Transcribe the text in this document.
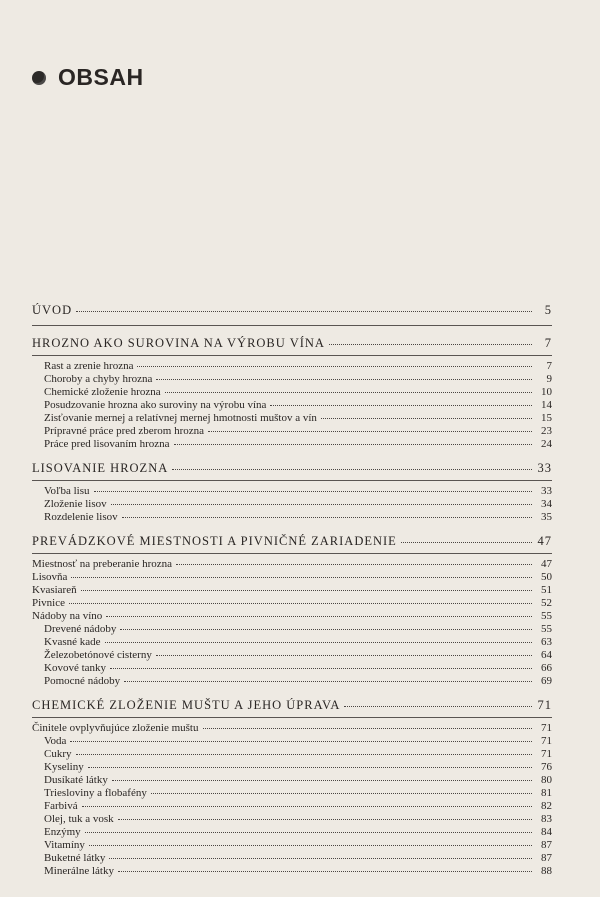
OBSAH
ÚVOD	5
HROZNO AKO SUROVINA NA VÝROBU VÍNA	7
Rast a zrenie hrozna	7
Choroby a chyby hrozna	9
Chemické zloženie hrozna	10
Posudzovanie hrozna ako suroviny na výrobu vína	14
Zisťovanie mernej a relatívnej mernej hmotnosti muštov a vín	15
Prípravné práce pred zberom hrozna	23
Práce pred lisovaním hrozna	24
LISOVANIE HROZNA	33
Voľba lisu	33
Zloženie lisov	34
Rozdelenie lisov	35
PREVÁDZKOVÉ MIESTNOSTI A PIVNIČNÉ ZARIADENIE	47
Miestnosť na preberanie hrozna	47
Lisovňa	50
Kvasiareň	51
Pivnice	52
Nádoby na víno	55
Drevené nádoby	55
Kvasné kade	63
Železobetónové cisterny	64
Kovové tanky	66
Pomocné nádoby	69
CHEMICKÉ ZLOŽENIE MUŠTU A JEHO ÚPRAVA	71
Činitele ovplyvňujúce zloženie muštu	71
Voda	71
Cukry	71
Kyseliny	76
Dusíkaté látky	80
Triesloviny a flobafény	81
Farbivá	82
Olej, tuk a vosk	83
Enzýmy	84
Vitamíny	87
Buketné látky	87
Minerálne látky	88
